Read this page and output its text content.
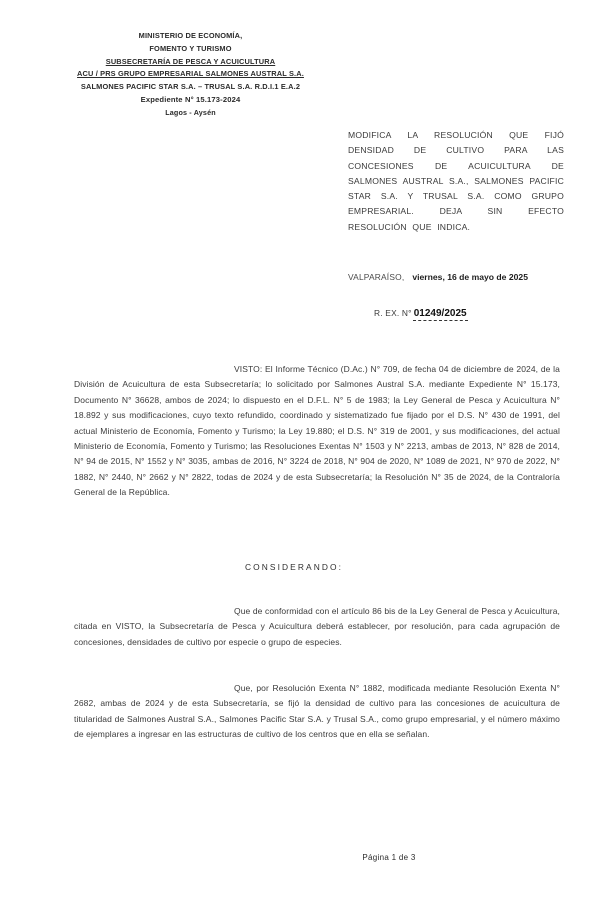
MINISTERIO DE ECONOMÍA,
FOMENTO Y TURISMO
SUBSECRETARÍA DE PESCA Y ACUICULTURA
ACU / PRS GRUPO EMPRESARIAL SALMONES AUSTRAL S.A.
SALMONES PACIFIC STAR S.A. – TRUSAL S.A. R.D.I.1 E.A.2
Expediente N° 15.173-2024
Lagos - Aysén
MODIFICA LA RESOLUCIÓN QUE FIJÓ DENSIDAD DE CULTIVO PARA LAS CONCESIONES DE ACUICULTURA DE SALMONES AUSTRAL S.A., SALMONES PACIFIC STAR S.A. Y TRUSAL S.A. COMO GRUPO EMPRESARIAL. DEJA SIN EFECTO RESOLUCIÓN QUE INDICA.
VALPARAÍSO, viernes, 16 de mayo de 2025
R. EX. N° 01249/2025
VISTO: El Informe Técnico (D.Ac.) N° 709, de fecha 04 de diciembre de 2024, de la División de Acuicultura de esta Subsecretaría; lo solicitado por Salmones Austral S.A. mediante Expediente N° 15.173, Documento N° 36628, ambos de 2024; lo dispuesto en el D.F.L. N° 5 de 1983; la Ley General de Pesca y Acuicultura N° 18.892 y sus modificaciones, cuyo texto refundido, coordinado y sistematizado fue fijado por el D.S. N° 430 de 1991, del actual Ministerio de Economía, Fomento y Turismo; la Ley 19.880; el D.S. N° 319 de 2001, y sus modificaciones, del actual Ministerio de Economía, Fomento y Turismo; las Resoluciones Exentas N° 1503 y N° 2213, ambas de 2013, N° 828 de 2014, N° 94 de 2015, N° 1552 y N° 3035, ambas de 2016, N° 3224 de 2018, N° 904 de 2020, N° 1089 de 2021, N° 970 de 2022, N° 1882, N° 2440, N° 2662 y N° 2822, todas de 2024 y de esta Subsecretaría; la Resolución N° 35 de 2024, de la Contraloría General de la República.
CONSIDERANDO:
Que de conformidad con el artículo 86 bis de la Ley General de Pesca y Acuicultura, citada en VISTO, la Subsecretaría de Pesca y Acuicultura deberá establecer, por resolución, para cada agrupación de concesiones, densidades de cultivo por especie o grupo de especies.
Que, por Resolución Exenta N° 1882, modificada mediante Resolución Exenta N° 2682, ambas de 2024 y de esta Subsecretaría, se fijó la densidad de cultivo para las concesiones de acuicultura de titularidad de Salmones Austral S.A., Salmones Pacific Star S.A. y Trusal S.A., como grupo empresarial, y el número máximo de ejemplares a ingresar en las estructuras de cultivo de los centros que en ella se señalan.
Página 1 de 3
